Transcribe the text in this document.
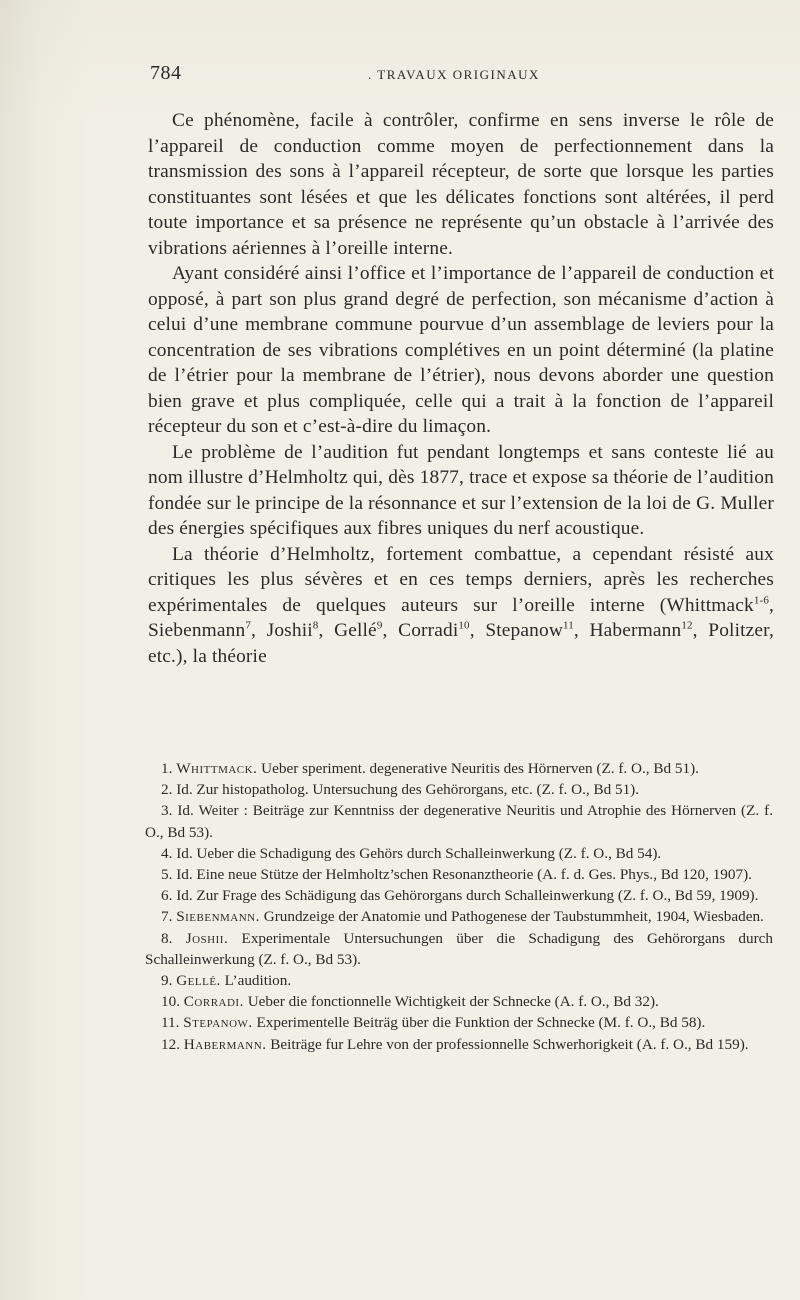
784	. TRAVAUX ORIGINAUX

Ce phénomène, facile à contrôler, confirme en sens inverse le rôle de l’appareil de conduction comme moyen de perfectionnement dans la transmission des sons à l’appareil récepteur, de sorte que lorsque les parties constituantes sont lésées et que les délicates fonctions sont altérées, il perd toute importance et sa présence ne représente qu’un obstacle à l’arrivée des vibrations aériennes à l’oreille interne.

Ayant considéré ainsi l’office et l’importance de l’appareil de conduction et opposé, à part son plus grand degré de perfection, son mécanisme d’action à celui d’une membrane commune pourvue d’un assemblage de leviers pour la concentration de ses vibrations complétives en un point déterminé (la platine de l’étrier pour la membrane de l’étrier), nous devons aborder une question bien grave et plus compliquée, celle qui a trait à la fonction de l’appareil récepteur du son et c’est-à-dire du limaçon.

Le problème de l’audition fut pendant longtemps et sans conteste lié au nom illustre d’Helmholtz qui, dès 1877, trace et expose sa théorie de l’audition fondée sur le principe de la résonnance et sur l’extension de la loi de G. Muller des énergies spécifiques aux fibres uniques du nerf acoustique.

La théorie d’Helmholtz, fortement combattue, a cependant résisté aux critiques les plus sévères et en ces temps derniers, après les recherches expérimentales de quelques auteurs sur l’oreille interne (Whittmack$^{1-6}$, Siebenmann$^7$, Joshii$^8$, Gellé$^9$, Corradi$^{10}$, Stepanow$^{11}$, Habermann$^{12}$, Politzer, etc.), la théorie

1. Whittmack. Ueber speriment. degenerative Neuritis des Hörnerven (Z. f. O., Bd 51).

2. Id. Zur histopatholog. Untersuchung des Gehörorgans, etc. (Z. f. O., Bd 51).

3. Id. Weiter : Beiträge zur Kenntniss der degenerative Neuritis und Atrophie des Hörnerven (Z. f. O., Bd 53).

4. Id. Ueber die Schadigung des Gehörs durch Schalleinwerkung (Z. f. O., Bd 54).

5. Id. Eine neue Stütze der Helmholtz’schen Resonanztheorie (A. f. d. Ges. Phys., Bd 120, 1907).

6. Id. Zur Frage des Schädigung das Gehörorgans durch Schalleinwerkung (Z. f. O., Bd 59, 1909).

7. Siebenmann. Grundzeige der Anatomie und Pathogenese der Taubstummheit, 1904, Wiesbaden.

8. Joshii. Experimentale Untersuchungen über die Schadigung des Gehörorgans durch Schalleinwerkung (Z. f. O., Bd 53).

9. Gellé. L’audition.

10. Corradi. Ueber die fonctionnelle Wichtigkeit der Schnecke (A. f. O., Bd 32).

11. Stepanow. Experimentelle Beiträg über die Funktion der Schnecke (M. f. O., Bd 58).

12. Habermann. Beiträge fur Lehre von der professionnelle Schwerhorigkeit (A. f. O., Bd 159).
